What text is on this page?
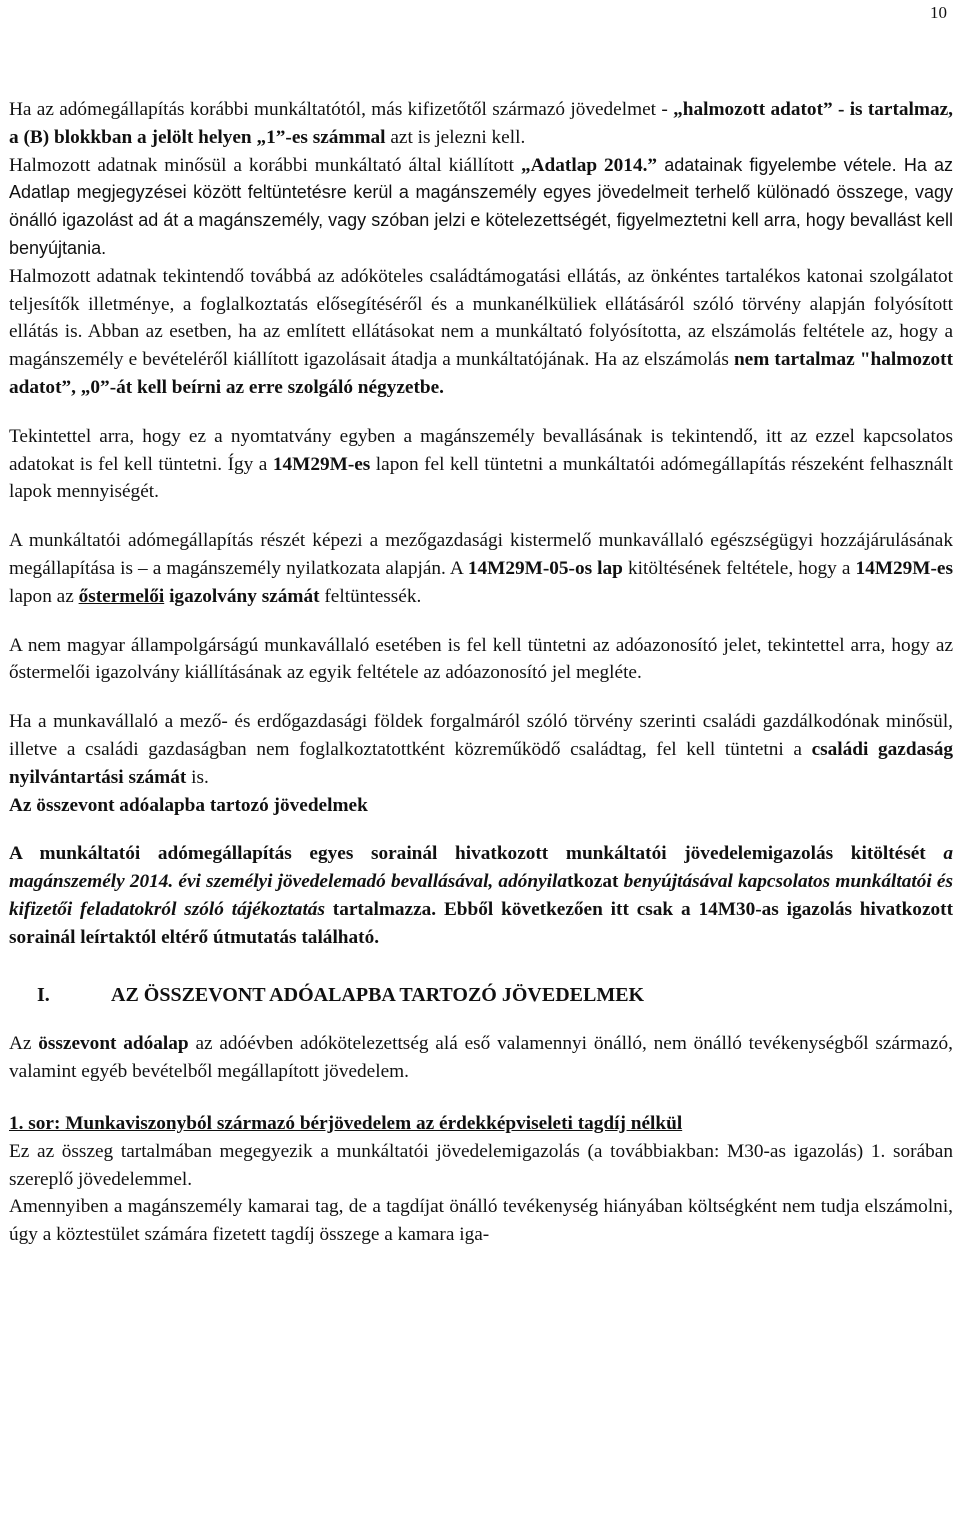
10

Ha az adómegállapítás korábbi munkáltatótól, más kifizetőtől származó jövedelmet - „halmozott adatot” - is tartalmaz, a (B) blokkban a jelölt helyen „1”-es számmal azt is jelezni kell.
Halmozott adatnak minősül a korábbi munkáltató által kiállított „Adatlap 2014.” adatainak figyelembe vétele. Ha az Adatlap megjegyzései között feltüntetésre kerül a magánszemély egyes jövedelmeit terhelő különadó összege, vagy önálló igazolást ad át a magánszemély, vagy szóban jelzi e kötelezettségét, figyelmeztetni kell arra, hogy bevallást kell benyújtania.
Halmozott adatnak tekintendő továbbá az adóköteles családtámogatási ellátás, az önkéntes tartalékos katonai szolgálatot teljesítők illetménye, a foglalkoztatás elősegítéséről és a munkanélküliek ellátásáról szóló törvény alapján folyósított ellátás is. Abban az esetben, ha az említett ellátásokat nem a munkáltató folyósította, az elszámolás feltétele az, hogy a magánszemély e bevételéről kiállított igazolásait átadja a munkáltatójának. Ha az elszámolás nem tartalmaz "halmozott adatot”, „0”-át kell beírni az erre szolgáló négyzetbe.

Tekintettel arra, hogy ez a nyomtatvány egyben a magánszemély bevallásának is tekintendő, itt az ezzel kapcsolatos adatokat is fel kell tüntetni. Így a 14M29M-es lapon fel kell tüntetni a munkáltatói adómegállapítás részeként felhasznált lapok mennyiségét.

A munkáltatói adómegállapítás részét képezi a mezőgazdasági kistermelő munkavállaló egészségügyi hozzájárulásának megállapítása is – a magánszemély nyilatkozata alapján. A 14M29M-05-os lap kitöltésének feltétele, hogy a 14M29M-es lapon az őstermelői igazolvány számát feltüntessék.

A nem magyar állampolgárságú munkavállaló esetében is fel kell tüntetni az adóazonosító jelet, tekintettel arra, hogy az őstermelői igazolvány kiállításának az egyik feltétele az adóazonosító jel megléte.

Ha a munkavállaló a mező- és erdőgazdasági földek forgalmáról szóló törvény szerinti családi gazdálkodónak minősül, illetve a családi gazdaságban nem foglalkoztatottként közreműködő családtag, fel kell tüntetni a családi gazdaság nyilvántartási számát is.

Az összevont adóalapba tartozó jövedelmek

A munkáltatói adómegállapítás egyes sorainál hivatkozott munkáltatói jövedelemigazolás kitöltését a magánszemély 2014. évi személyi jövedelemadó bevallásával, adónyilatkozat benyújtásával kapcsolatos munkáltatói és kifizetői feladatokról szóló tájékoztatás tartalmazza. Ebből következően itt csak a 14M30-as igazolás hivatkozott sorainál leírtaktól eltérő útmutatás található.

I.	AZ ÖSSZEVONT ADÓALAPBA TARTOZÓ JÖVEDELMEK

Az összevont adóalap az adóévben adókötelezettség alá eső valamennyi önálló, nem önálló tevékenységből származó, valamint egyéb bevételből megállapított jövedelem.

1. sor: Munkaviszonyból származó bérjövedelem az érdekképviseleti tagdíj nélkül
Ez az összeg tartalmában megegyezik a munkáltatói jövedelemigazolás (a továbbiakban: M30-as igazolás) 1. sorában szereplő jövedelemmel.
Amennyiben a magánszemély kamarai tag, de a tagdíjat önálló tevékenység hiányában költségként nem tudja elszámolni, úgy a köztestület számára fizetett tagdíj összege a kamara iga-
